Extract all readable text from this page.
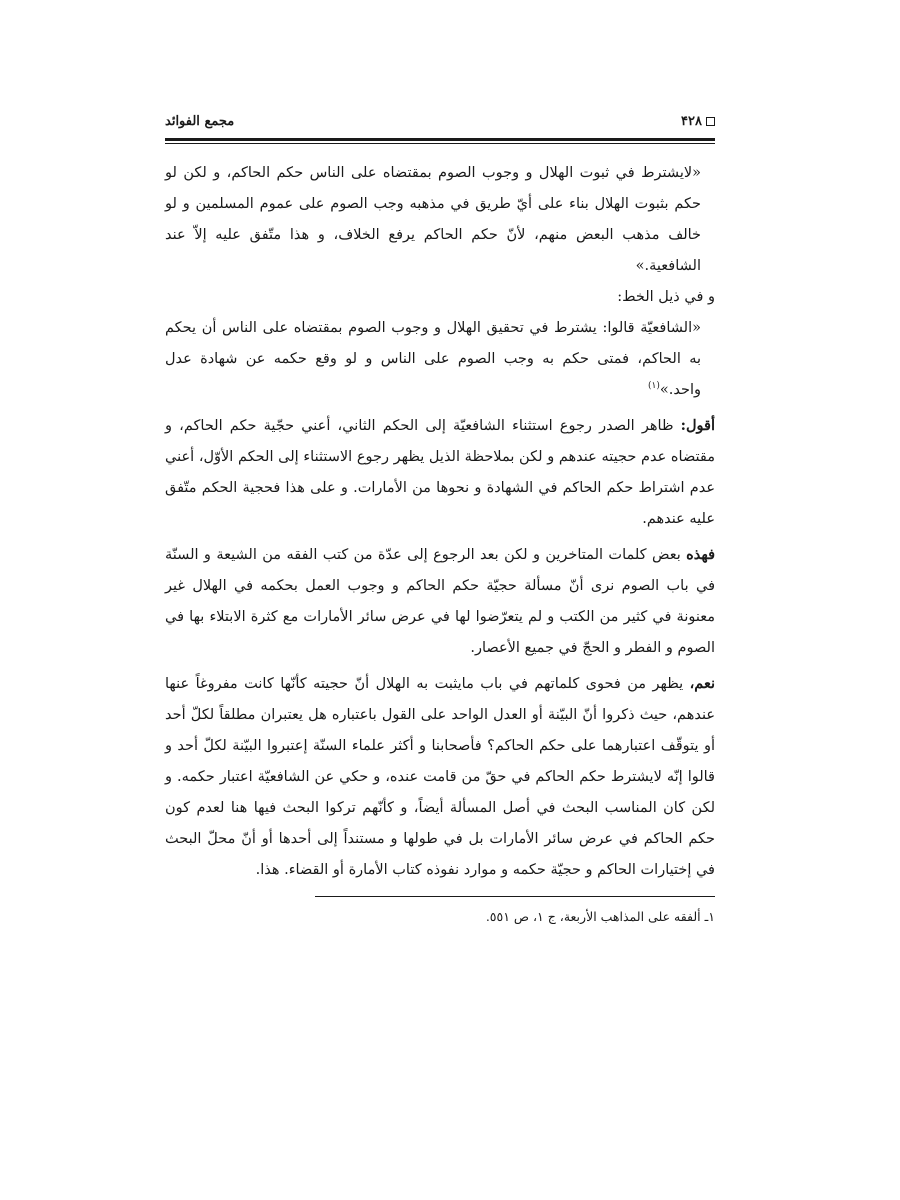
۴۲۸
مجمع الفوائد

«لایشترط في ثبوت الهلال و وجوب الصوم بمقتضاه على الناس حكم الحاكم، و لكن لو حكم بثبوت الهلال بناء على أيّ طريق في مذهبه وجب الصوم على عموم المسلمين و لو خالف مذهب البعض منهم، لأنّ حكم الحاكم يرفع الخلاف، و هذا متّفق عليه إلاّ عند الشافعية.»

و في ذيل الخط:

«الشافعيّة قالوا: يشترط في تحقيق الهلال و وجوب الصوم بمقتضاه على الناس أن يحكم به الحاكم، فمتى حكم به وجب الصوم على الناس و لو وقع حكمه عن شهادة عدل واحد.»$^{(١)}$

أقول: ظاهر الصدر رجوع استثناء الشافعيّة إلى الحكم الثاني، أعني حجّية حكم الحاكم، و مقتضاه عدم حجيته عندهم و لكن بملاحظة الذيل يظهر رجوع الاستثناء إلى الحكم الأوّل، أعني عدم اشتراط حكم الحاكم في الشهادة و نحوها من الأمارات. و على هذا فحجية الحكم متّفق عليه عندهم.

فهذه بعض كلمات المتاخرين و لكن بعد الرجوع إلى عدّة من كتب الفقه من الشيعة و السنّة في باب الصوم نرى أنّ مسألة حجيّة حكم الحاكم و وجوب العمل بحكمه في الهلال غير معنونة في كثير من الكتب و لم يتعرّضوا لها في عرض سائر الأمارات مع كثرة الابتلاء بها في الصوم و الفطر و الحجّ في جميع الأعصار.

نعم، يظهر من فحوى كلماتهم في باب مايثبت به الهلال أنّ حجيته كأنّها كانت مفروغاً عنها عندهم، حيث ذكروا أنّ البيّنة أو العدل الواحد على القول باعتباره هل يعتبران مطلقاً لكلّ أحد أو يتوقّف اعتبارهما على حكم الحاكم؟ فأصحابنا و أكثر علماء السنّة إعتبروا البيّنة لكلّ أحد و قالوا إنّه لايشترط حكم الحاكم في حقّ من قامت عنده، و حكي عن الشافعيّة اعتبار حكمه. و لكن كان المناسب البحث في أصل المسألة أيضاً، و كأنّهم تركوا البحث فيها هنا لعدم كون حكم الحاكم في عرض سائر الأمارات بل في طولها و مستنداً إلى أحدها أو أنّ محلّ البحث في إختيارات الحاكم و حجيّة حكمه و موارد نفوذه كتاب الأمارة أو القضاء. هذا.

١ـ ألفقه على المذاهب الأربعة، ج ١، ص ٥٥١.
